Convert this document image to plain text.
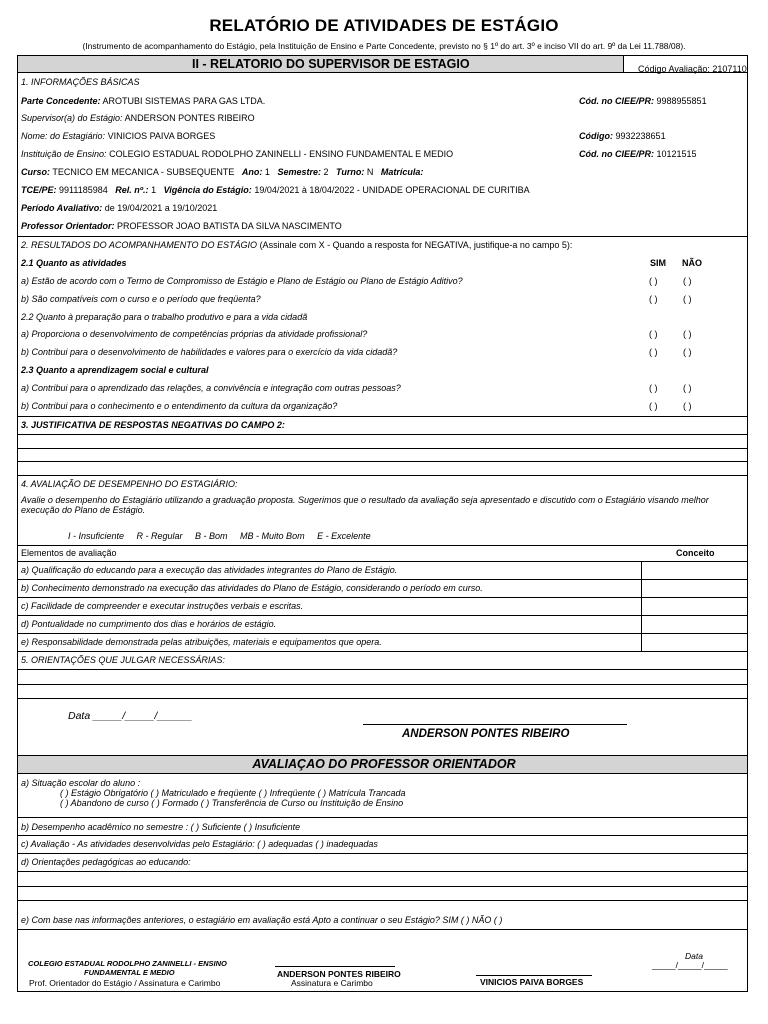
RELATÓRIO DE ATIVIDADES DE ESTÁGIO
(Instrumento de acompanhamento do Estágio, pela Instituição de Ensino e Parte Concedente, previsto no § 1º do art. 3º e inciso VII do art. 9º da Lei 11.788/08).
II - RELATORIO DO SUPERVISOR DE ESTAGIO	Código Avaliação: 2107110
1. INFORMAÇÕES BÁSICAS
Parte Concedente: AROTUBI SISTEMAS PARA GAS LTDA.	Cód. no CIEE/PR: 9988955851
Supervisor(a) do Estágio: ANDERSON PONTES RIBEIRO
Nome: do Estagiário: VINICIOS PAIVA BORGES	Código: 9932238651
Instituição de Ensino: COLEGIO ESTADUAL RODOLPHO ZANINELLI - ENSINO FUNDAMENTAL E MEDIO	Cód. no CIEE/PR: 10121515
Curso: TECNICO EM MECANICA - SUBSEQUENTE Ano: 1 Semestre: 2 Turno: N Matrícula:
TCE/PE: 9911185984 Rel. nº.: 1 Vigência do Estágio: 19/04/2021 à 18/04/2022 - UNIDADE OPERACIONAL DE CURITIBA
Período Avaliativo: de 19/04/2021 a 19/10/2021
Professor Orientador: PROFESSOR JOAO BATISTA DA SILVA NASCIMENTO
2. RESULTADOS DO ACOMPANHAMENTO DO ESTÁGIO (Assinale com X - Quando a resposta for NEGATIVA, justifique-a no campo 5):
SIM NÃO
2.1 Quanto as atividades
a) Estão de acordo com o Termo de Compromisso de Estágio e Plano de Estágio ou Plano de Estágio Aditivo?	( )	( )
b) São compatíveis com o curso e o período que freqüenta?	( )	( )
2.2 Quanto à preparação para o trabalho produtivo e para a vida cidadã
a) Proporciona o desenvolvimento de competências próprias da atividade profissional?	( )	( )
b) Contribui para o desenvolvimento de habilidades e valores para o exercício da vida cidadã?	( )	( )
2.3 Quanto a aprendizagem social e cultural
a) Contribui para o aprendizado das relações, a convivência e integração com outras pessoas?	( )	( )
b) Contribui para o conhecimento e o entendimento da cultura da organização?	( )	( )
3. JUSTIFICATIVA DE RESPOSTAS NEGATIVAS DO CAMPO 2:
4. AVALIAÇÃO DE DESEMPENHO DO ESTAGIÁRIO:
Avalie o desempenho do Estagiário utilizando a graduação proposta. Sugerimos que o resultado da avaliação seja apresentado e discutido com o Estagiário visando melhor
execução do Plano de Estágio.
I - Insuficiente     R - Regular     B - Bom     MB - Muito Bom     E - Excelente
Elementos de avaliação	Conceito
a) Qualificação do educando para a execução das atividades integrantes do Plano de Estágio.
b) Conhecimento demonstrado na execução das atividades do Plano de Estágio, considerando o período em curso.
c) Facilidade de compreender e executar instruções verbais e escritas.
d) Pontualidade no cumprimento dos dias e horários de estágio.
e) Responsabilidade demonstrada pelas atribuições, materiais e equipamentos que opera.
5. ORIENTAÇÕES QUE JULGAR NECESSÁRIAS:
Data _____/_____/______
ANDERSON PONTES RIBEIRO
AVALIAÇAO DO PROFESSOR ORIENTADOR
a) Situação escolar do aluno :
( ) Estágio Obrigatório ( ) Matriculado e freqüente ( ) Infreqüente ( ) Matrícula Trancada
( ) Abandono de curso ( ) Formado ( ) Transferência de Curso ou Instituição de Ensino
b) Desempenho acadêmico no semestre : ( ) Suficiente ( ) Insuficiente
c) Avaliação - As atividades desenvolvidas pelo Estagiário: ( ) adequadas ( ) inadequadas
d) Orientações pedagógicas ao educando:
e) Com base nas informações anteriores, o estagiário em avaliação está Apto a continuar o seu Estágio? SIM ( ) NÃO ( )
COLEGIO ESTADUAL RODOLPHO ZANINELLI - ENSINO
FUNDAMENTAL E MEDIO
Prof. Orientador do Estágio / Assinatura e Carimbo
ANDERSON PONTES RIBEIRO
Assinatura e Carimbo	VINICIOS PAIVA BORGES
Data
_____/_____/_____
